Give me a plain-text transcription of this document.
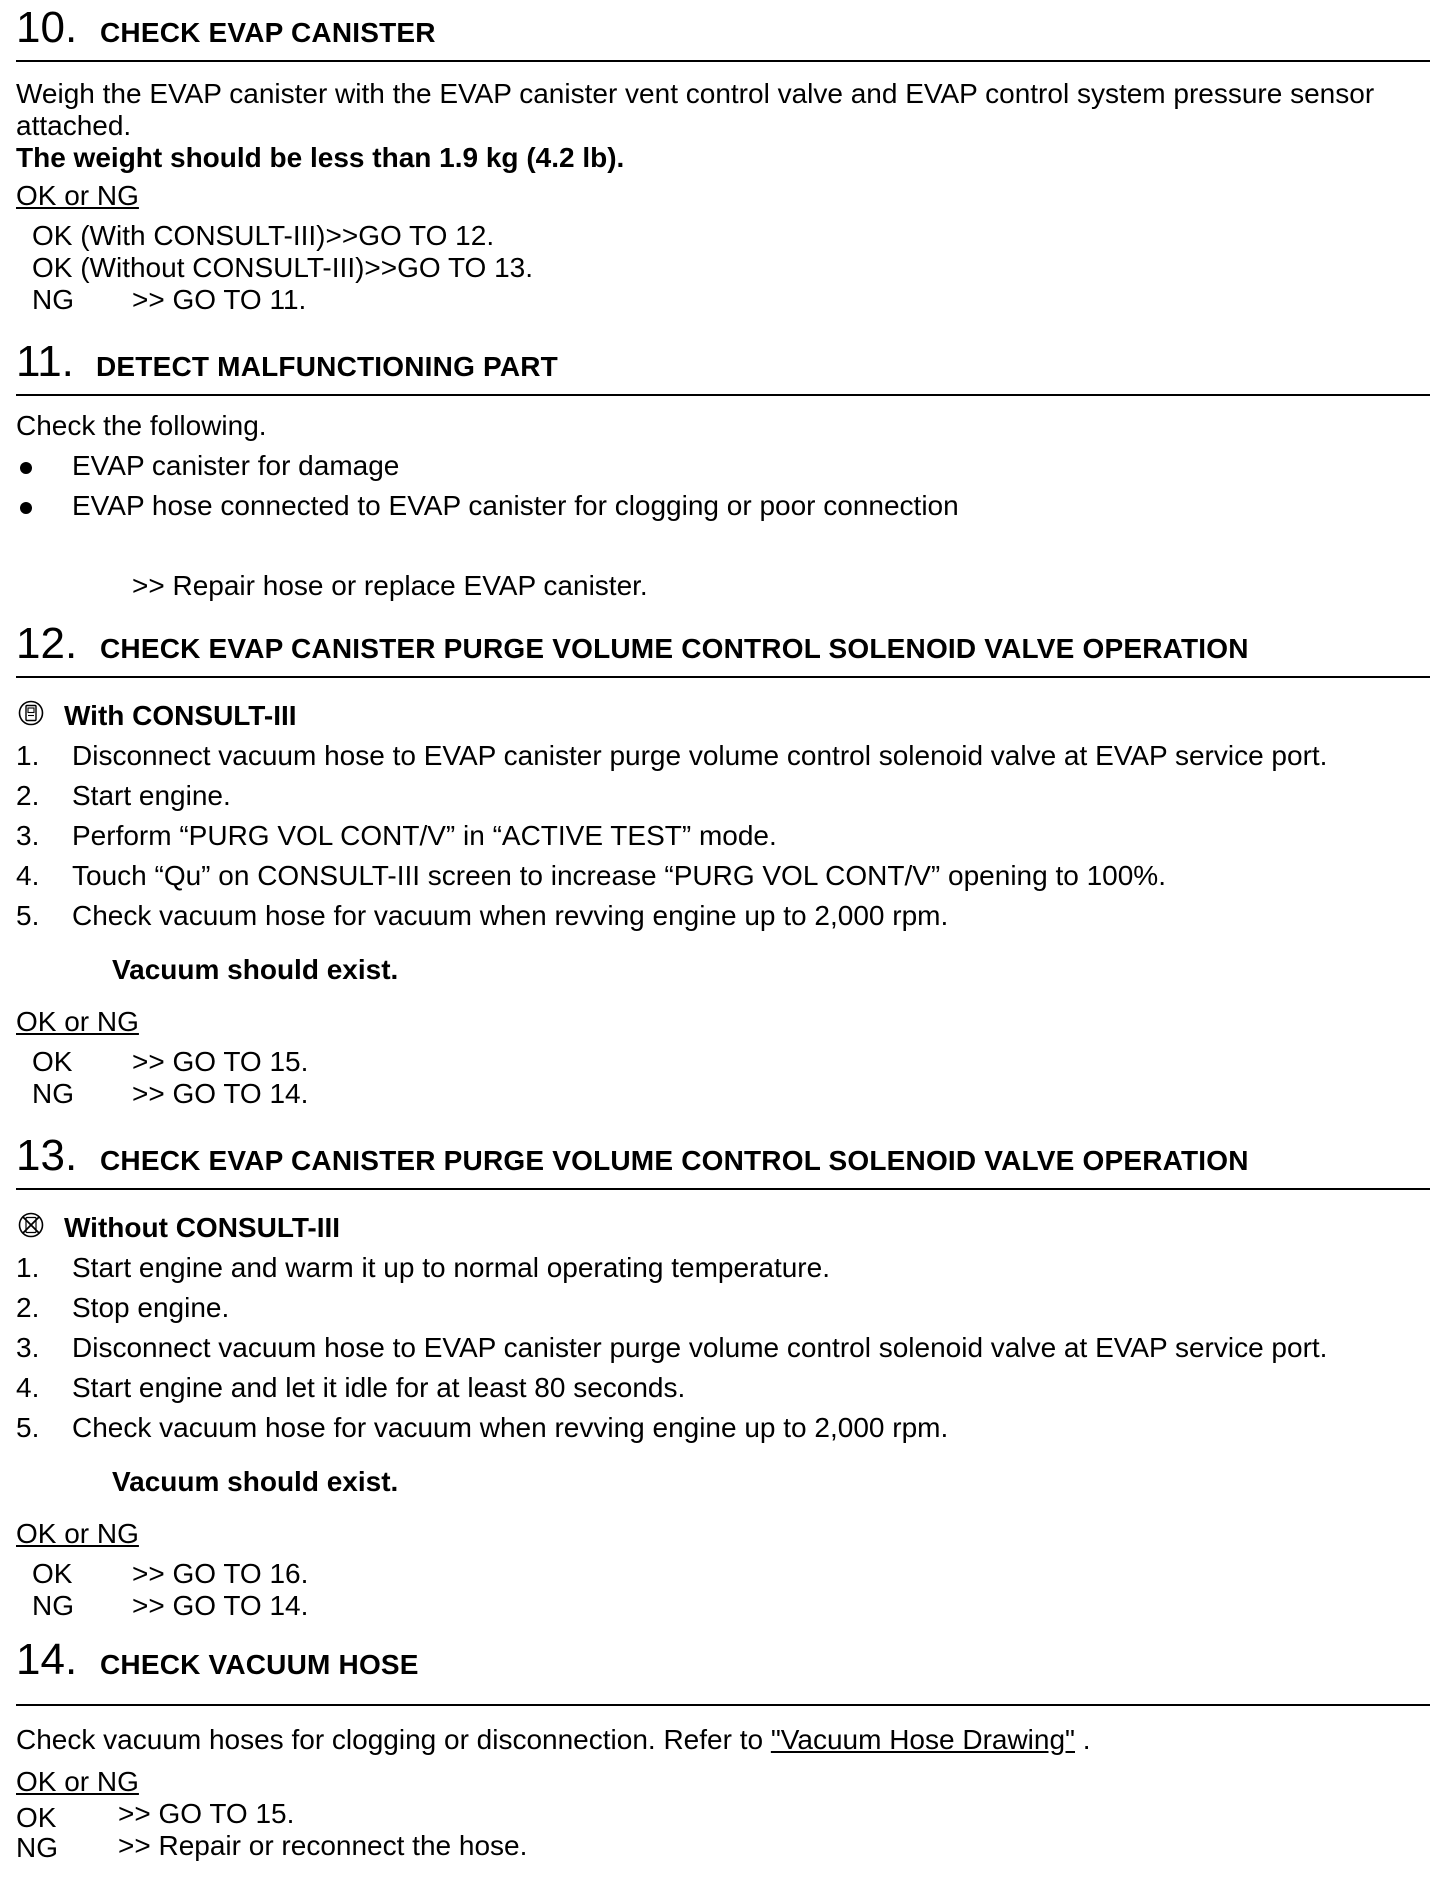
10. CHECK EVAP CANISTER
Weigh the EVAP canister with the EVAP canister vent control valve and EVAP control system pressure sensor
attached.
The weight should be less than 1.9 kg (4.2 lb).
OK or NG
OK (With CONSULT-III)>>GO TO 12.
OK (Without CONSULT-III)>>GO TO 13.
NG >> GO TO 11.
11. DETECT MALFUNCTIONING PART
Check the following.
EVAP canister for damage
EVAP hose connected to EVAP canister for clogging or poor connection
>> Repair hose or replace EVAP canister.
12. CHECK EVAP CANISTER PURGE VOLUME CONTROL SOLENOID VALVE OPERATION
With CONSULT-III
1. Disconnect vacuum hose to EVAP canister purge volume control solenoid valve at EVAP service port.
2. Start engine.
3. Perform “PURG VOL CONT/V” in “ACTIVE TEST” mode.
4. Touch “Qu” on CONSULT-III screen to increase “PURG VOL CONT/V” opening to 100%.
5. Check vacuum hose for vacuum when revving engine up to 2,000 rpm.
Vacuum should exist.
OK or NG
OK >> GO TO 15.
NG >> GO TO 14.
13. CHECK EVAP CANISTER PURGE VOLUME CONTROL SOLENOID VALVE OPERATION
Without CONSULT-III
1. Start engine and warm it up to normal operating temperature.
2. Stop engine.
3. Disconnect vacuum hose to EVAP canister purge volume control solenoid valve at EVAP service port.
4. Start engine and let it idle for at least 80 seconds.
5. Check vacuum hose for vacuum when revving engine up to 2,000 rpm.
Vacuum should exist.
OK or NG
OK >> GO TO 16.
NG >> GO TO 14.
14. CHECK VACUUM HOSE
Check vacuum hoses for clogging or disconnection. Refer to "Vacuum Hose Drawing" .
OK or NG
OK >> GO TO 15.
NG >> Repair or reconnect the hose.
